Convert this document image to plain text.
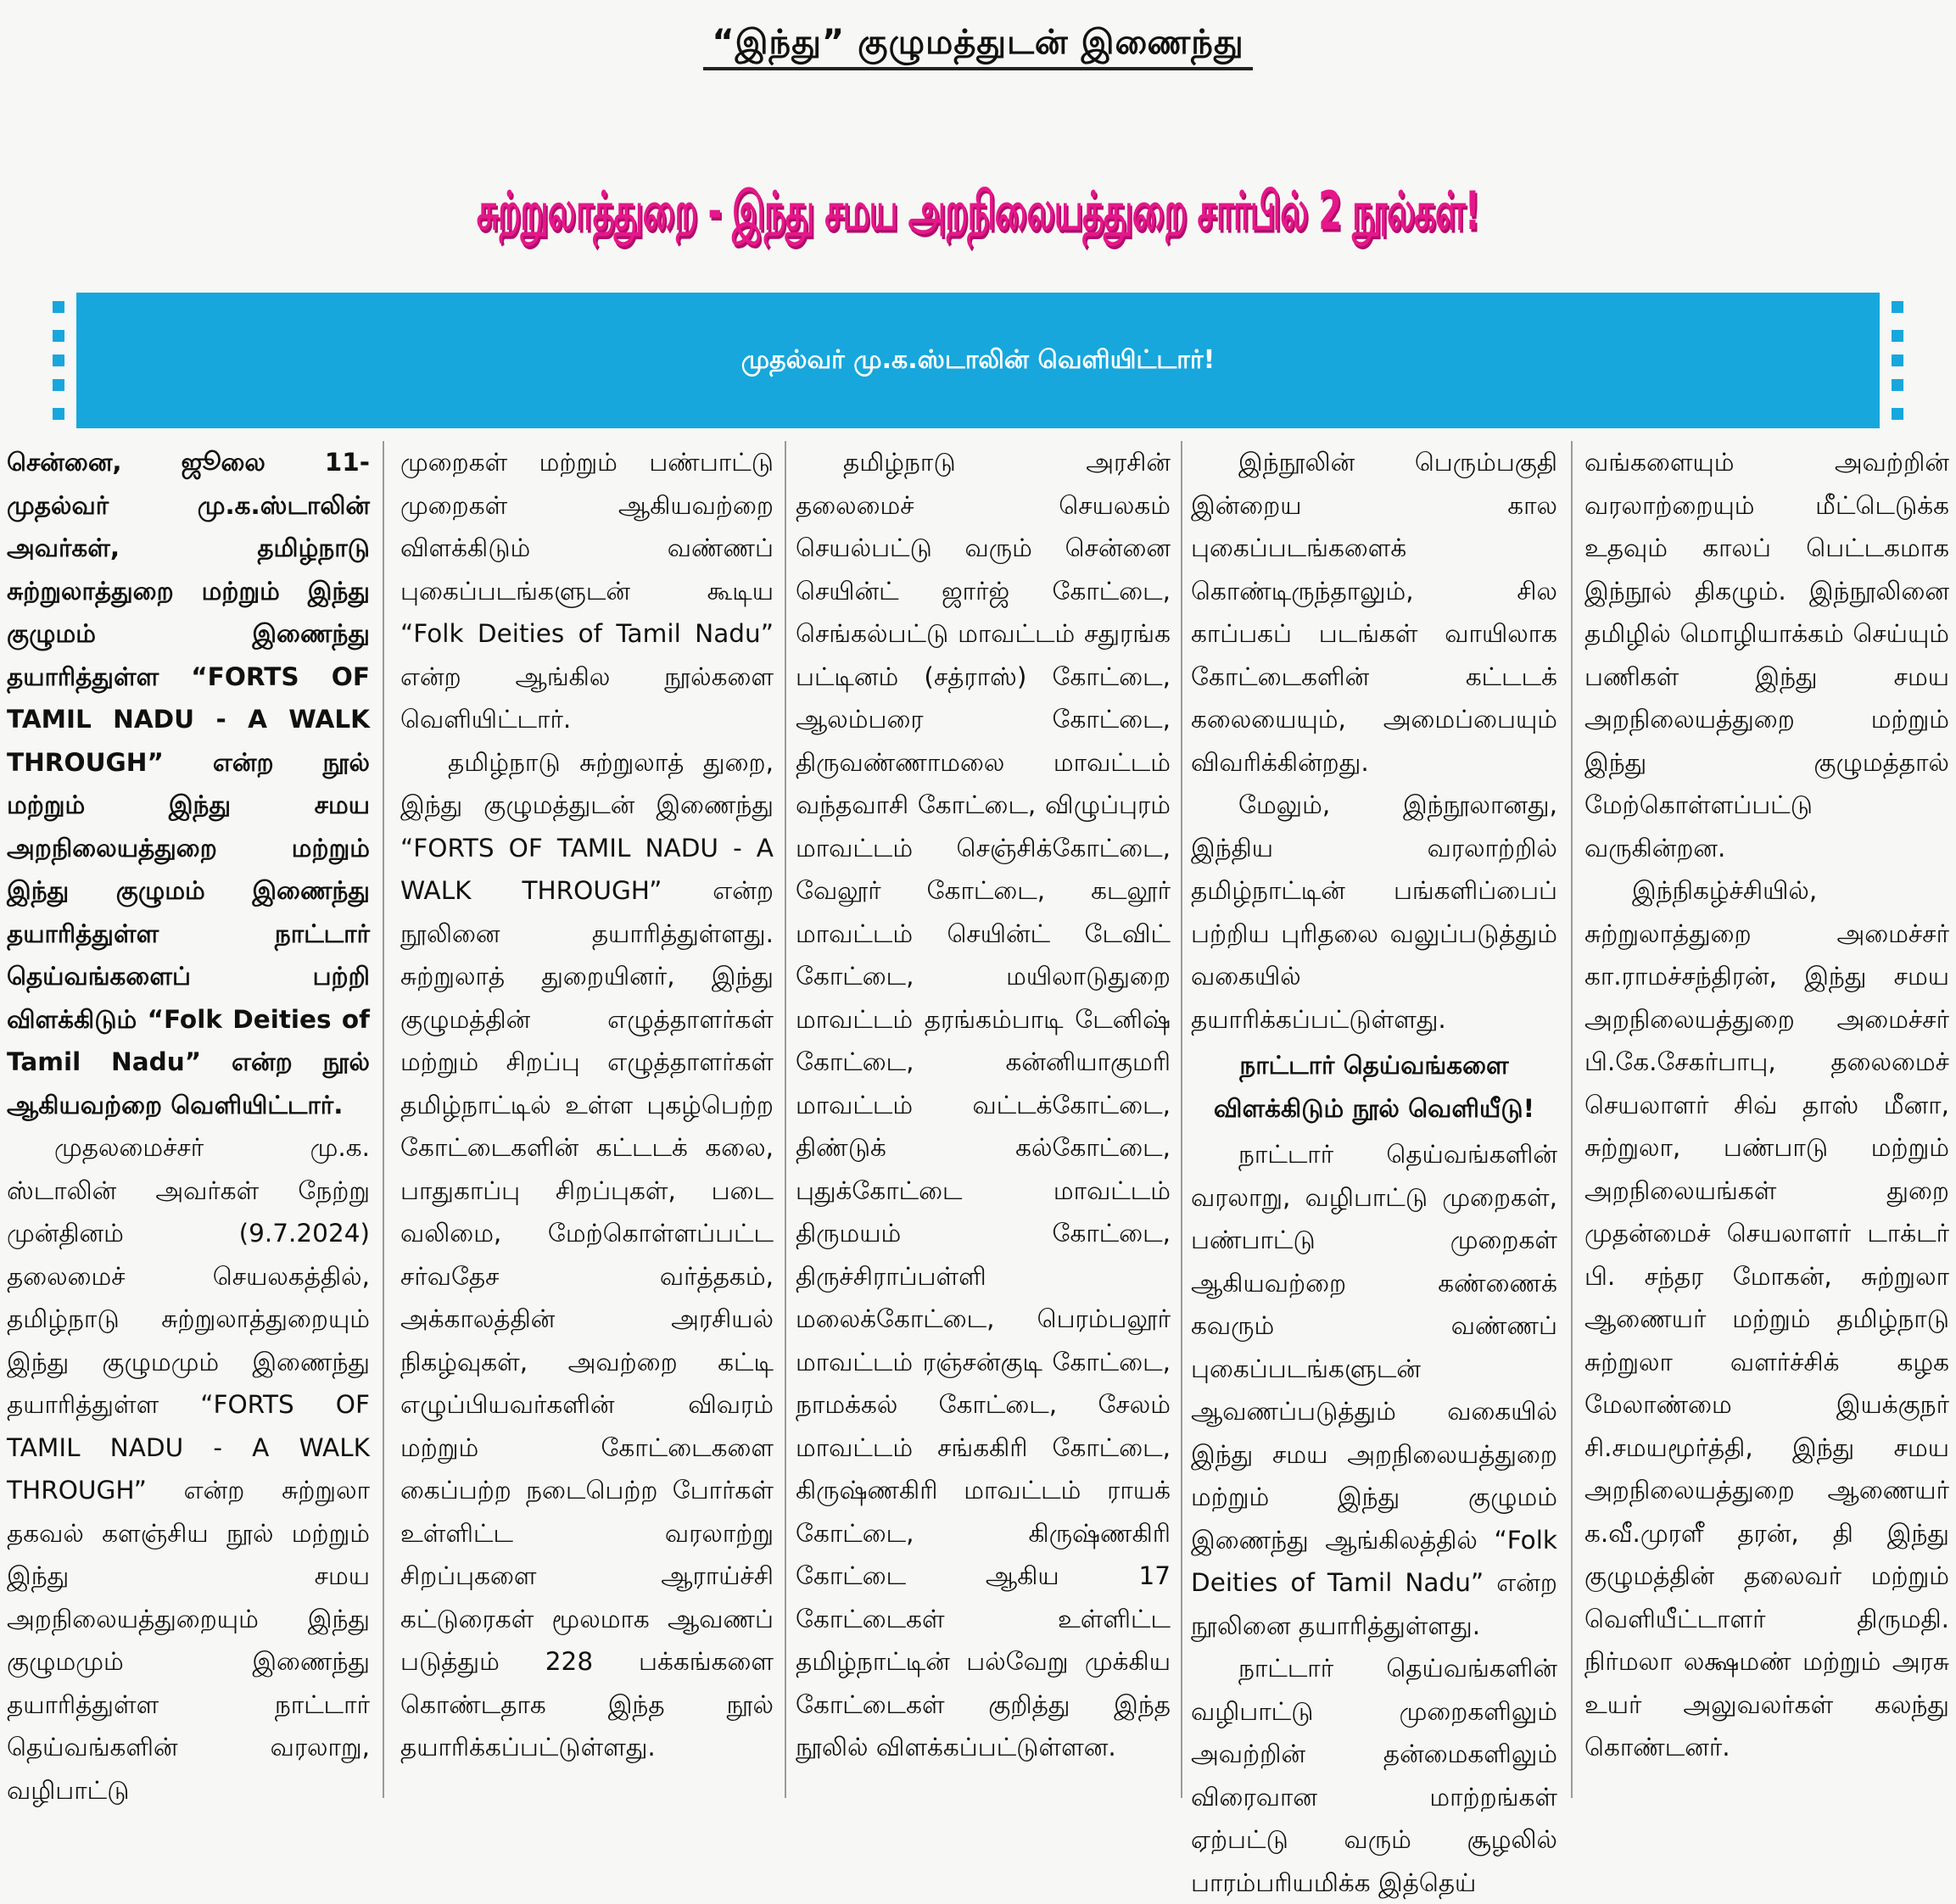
“இந்து” குழுமத்துடன் இணைந்து
சுற்றுலாத்துறை - இந்து சமய அறநிலையத்துறை சார்பில் 2 நூல்கள்!
முதல்வர் மு.க.ஸ்டாலின் வெளியிட்டார்!

சென்னை, ஜூலை 11- முதல்வர் மு.க.ஸ்டாலின் அவர்கள், தமிழ்நாடு சுற்றுலாத்துறை மற்றும் இந்து குழுமம் இணைந்து தயாரித்துள்ள “FORTS OF TAMIL NADU - A WALK THROUGH” என்ற நூல் மற்றும் இந்து சமய அறநிலையத்துறை மற்றும் இந்து குழுமம் இணைந்து தயாரித்துள்ள நாட்டார் தெய்வங்களைப் பற்றி விளக்கிடும் “Folk Deities of Tamil Nadu” என்ற நூல் ஆகியவற்றை வெளியிட்டார்.

முதலமைச்சர் மு.க. ஸ்டாலின் அவர்கள் நேற்று முன்தினம் (9.7.2024) தலைமைச் செயலகத்தில், தமிழ்நாடு சுற்றுலாத்துறையும் இந்து குழுமமும் இணைந்து தயாரித்துள்ள “FORTS OF TAMIL NADU - A WALK THROUGH” என்ற சுற்றுலா தகவல் களஞ்சிய நூல் மற்றும் இந்து சமய அறநிலையத்துறையும் இந்து குழுமமும் இணைந்து தயாரித்துள்ள நாட்டார் தெய்வங்களின் வரலாறு, வழிபாட்டு

முறைகள் மற்றும் பண்பாட்டு முறைகள் ஆகியவற்றை விளக்கிடும் வண்ணப் புகைப்படங்களுடன் கூடிய “Folk Deities of Tamil Nadu” என்ற ஆங்கில நூல்களை வெளியிட்டார்.

தமிழ்நாடு சுற்றுலாத் துறை, இந்து குழுமத்துடன் இணைந்து “FORTS OF TAMIL NADU - A WALK THROUGH” என்ற நூலினை தயாரித்துள்ளது. சுற்றுலாத் துறையினர், இந்து குழுமத்தின் எழுத்தாளர்கள் மற்றும் சிறப்பு எழுத்தாளர்கள் தமிழ்நாட்டில் உள்ள புகழ்பெற்ற கோட்டைகளின் கட்டடக் கலை, பாதுகாப்பு சிறப்புகள், படை வலிமை, மேற்கொள்ளப்பட்ட சர்வதேச வர்த்தகம், அக்காலத்தின் அரசியல் நிகழ்வுகள், அவற்றை கட்டி எழுப்பியவர்களின் விவரம் மற்றும் கோட்டைகளை கைப்பற்ற நடைபெற்ற போர்கள் உள்ளிட்ட வரலாற்று சிறப்புகளை ஆராய்ச்சி கட்டுரைகள் மூலமாக ஆவணப் படுத்தும் 228 பக்கங்களை கொண்டதாக இந்த நூல் தயாரிக்கப்பட்டுள்ளது.

தமிழ்நாடு அரசின் தலைமைச் செயலகம் செயல்பட்டு வரும் சென்னை செயின்ட் ஜார்ஜ் கோட்டை, செங்கல்பட்டு மாவட்டம் சதுரங்க பட்டினம் (சத்ராஸ்) கோட்டை, ஆலம்பரை கோட்டை, திருவண்ணாமலை மாவட்டம் வந்தவாசி கோட்டை, விழுப்புரம் மாவட்டம் செஞ்சிக்கோட்டை, வேலூர் கோட்டை, கடலூர் மாவட்டம் செயின்ட் டேவிட் கோட்டை, மயிலாடுதுறை மாவட்டம் தரங்கம்பாடி டேனிஷ் கோட்டை, கன்னியாகுமரி மாவட்டம் வட்டக்கோட்டை, திண்டுக் கல்கோட்டை, புதுக்கோட்டை மாவட்டம் திருமயம் கோட்டை, திருச்சிராப்பள்ளி மலைக்கோட்டை, பெரம்பலூர் மாவட்டம் ரஞ்சன்குடி கோட்டை, நாமக்கல் கோட்டை, சேலம் மாவட்டம் சங்ககிரி கோட்டை, கிருஷ்ணகிரி மாவட்டம் ராயக் கோட்டை, கிருஷ்ணகிரி கோட்டை ஆகிய 17 கோட்டைகள் உள்ளிட்ட தமிழ்நாட்டின் பல்வேறு முக்கிய கோட்டைகள் குறித்து இந்த நூலில் விளக்கப்பட்டுள்ளன.

இந்நூலின் பெரும்பகுதி இன்றைய கால புகைப்படங்களைக் கொண்டிருந்தாலும், சில காப்பகப் படங்கள் வாயிலாக கோட்டைகளின் கட்டடக் கலையையும், அமைப்பையும் விவரிக்கின்றது.

மேலும், இந்நூலானது, இந்திய வரலாற்றில் தமிழ்நாட்டின் பங்களிப்பைப் பற்றிய புரிதலை வலுப்படுத்தும் வகையில் தயாரிக்கப்பட்டுள்ளது.

நாட்டார் தெய்வங்களை விளக்கிடும் நூல் வெளியீடு!

நாட்டார் தெய்வங்களின் வரலாறு, வழிபாட்டு முறைகள், பண்பாட்டு முறைகள் ஆகியவற்றை கண்ணைக் கவரும் வண்ணப் புகைப்படங்களுடன் ஆவணப்படுத்தும் வகையில் இந்து சமய அறநிலையத்துறை மற்றும் இந்து குழுமம் இணைந்து ஆங்கிலத்தில் “Folk Deities of Tamil Nadu” என்ற நூலினை தயாரித்துள்ளது.

நாட்டார் தெய்வங்களின் வழிபாட்டு முறைகளிலும் அவற்றின் தன்மைகளிலும் விரைவான மாற்றங்கள் ஏற்பட்டு வரும் சூழலில் பாரம்பரியமிக்க இத்தெய்

வங்களையும் அவற்றின் வரலாற்றையும் மீட்டெடுக்க உதவும் காலப் பெட்டகமாக இந்நூல் திகழும். இந்நூலினை தமிழில் மொழியாக்கம் செய்யும் பணிகள் இந்து சமய அறநிலையத்துறை மற்றும் இந்து குழுமத்தால் மேற்கொள்ளப்பட்டு வருகின்றன.

இந்நிகழ்ச்சியில், சுற்றுலாத்துறை அமைச்சர் கா.ராமச்சந்திரன், இந்து சமய அறநிலையத்துறை அமைச்சர் பி.கே.சேகர்பாபு, தலைமைச் செயலாளர் சிவ் தாஸ் மீனா, சுற்றுலா, பண்பாடு மற்றும் அறநிலையங்கள் துறை முதன்மைச் செயலாளர் டாக்டர் பி. சந்தர மோகன், சுற்றுலா ஆணையர் மற்றும் தமிழ்நாடு சுற்றுலா வளர்ச்சிக் கழக மேலாண்மை இயக்குநர் சி.சமயமூர்த்தி, இந்து சமய அறநிலையத்துறை ஆணையர் க.வீ.முரளீ தரன், தி இந்து குழுமத்தின் தலைவர் மற்றும் வெளியீட்டாளர் திருமதி. நிர்மலா லக்ஷமண் மற்றும் அரசு உயர் அலுவலர்கள் கலந்து கொண்டனர்.
